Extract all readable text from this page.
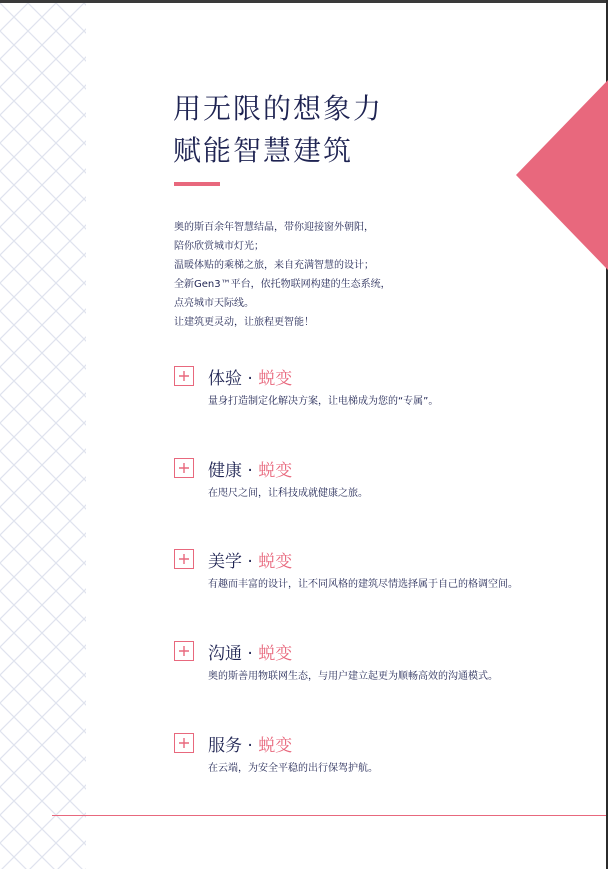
用无限的想象力
赋能智慧建筑
奥的斯百余年智慧结晶，带你迎接窗外朝阳，
陪你欣赏城市灯光；
温暖体贴的乘梯之旅，来自充满智慧的设计；
全新Gen3™平台，依托物联网构建的生态系统，
点亮城市天际线。
让建筑更灵动，让旅程更智能！
体验 · 蜕变
量身打造制定化解决方案，让电梯成为您的“专属”。
健康 · 蜕变
在咫尺之间，让科技成就健康之旅。
美学 · 蜕变
有趣而丰富的设计，让不同风格的建筑尽情选择属于自己的格调空间。
沟通 · 蜕变
奥的斯善用物联网生态，与用户建立起更为顺畅高效的沟通模式。
服务 · 蜕变
在云端，为安全平稳的出行保驾护航。
